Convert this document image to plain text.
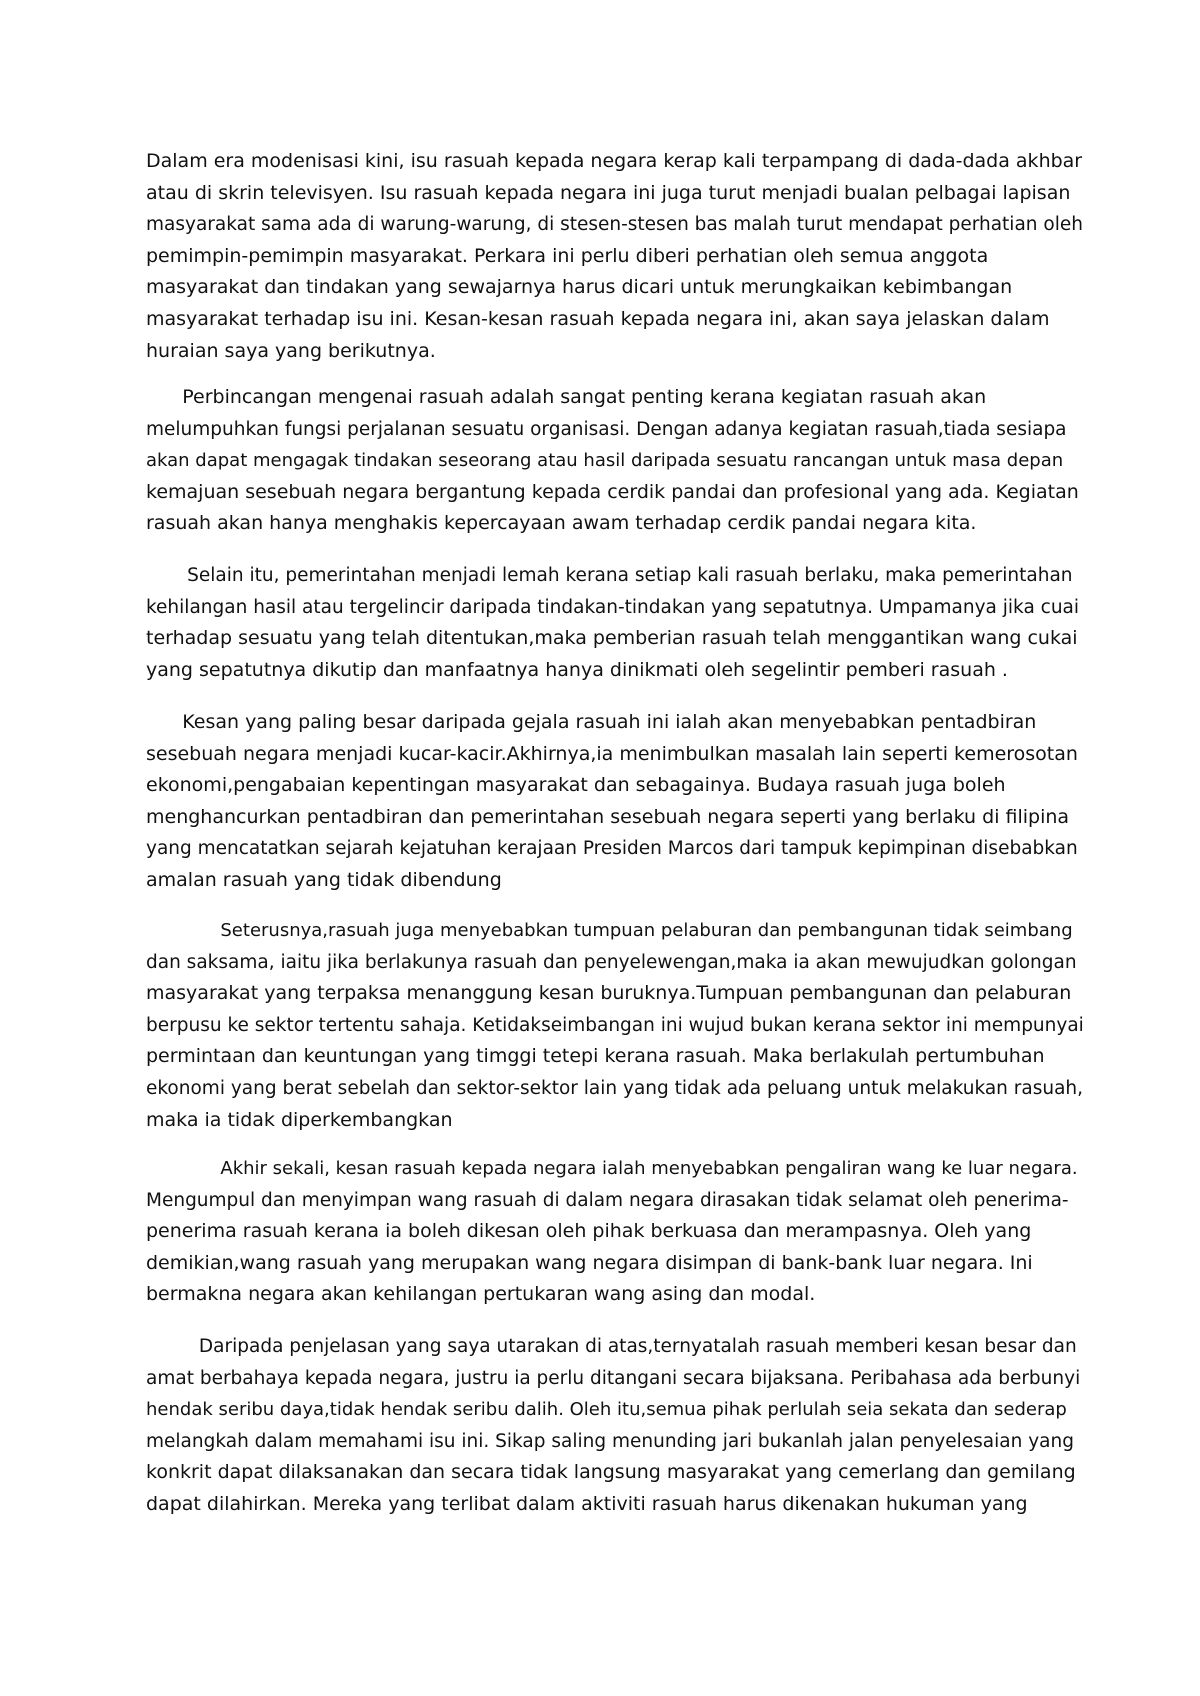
Dalam era modenisasi kini, isu rasuah kepada negara kerap kali terpampang di dada-dada akhbar
atau di skrin televisyen. Isu rasuah kepada negara ini juga turut menjadi bualan pelbagai lapisan
masyarakat sama ada di warung-warung, di stesen-stesen bas malah turut mendapat perhatian oleh
pemimpin-pemimpin masyarakat. Perkara ini perlu diberi perhatian oleh semua anggota
masyarakat dan tindakan yang sewajarnya harus dicari untuk merungkaikan kebimbangan
masyarakat terhadap isu ini. Kesan-kesan rasuah kepada negara ini, akan saya jelaskan dalam
huraian saya yang berikutnya.
Perbincangan mengenai rasuah adalah sangat penting kerana kegiatan rasuah akan
melumpuhkan fungsi perjalanan sesuatu organisasi. Dengan adanya kegiatan rasuah,tiada sesiapa
akan dapat mengagak tindakan seseorang atau hasil daripada sesuatu rancangan untuk masa depan
kemajuan sesebuah negara bergantung kepada cerdik pandai dan profesional yang ada. Kegiatan
rasuah akan hanya menghakis kepercayaan awam terhadap cerdik pandai negara kita.
Selain itu, pemerintahan menjadi lemah kerana setiap kali rasuah berlaku, maka pemerintahan
kehilangan hasil atau tergelincir daripada tindakan-tindakan yang sepatutnya. Umpamanya jika cuai
terhadap sesuatu yang telah ditentukan,maka pemberian rasuah telah menggantikan wang cukai
yang sepatutnya dikutip dan manfaatnya hanya dinikmati oleh segelintir pemberi rasuah .
Kesan yang paling besar daripada gejala rasuah ini ialah akan menyebabkan pentadbiran
sesebuah negara menjadi kucar-kacir.Akhirnya,ia menimbulkan masalah lain seperti kemerosotan
ekonomi,pengabaian kepentingan masyarakat dan sebagainya. Budaya rasuah juga boleh
menghancurkan pentadbiran dan pemerintahan sesebuah negara seperti yang berlaku di filipina
yang mencatatkan sejarah kejatuhan kerajaan Presiden Marcos dari tampuk kepimpinan disebabkan
amalan rasuah yang tidak dibendung
Seterusnya,rasuah juga menyebabkan tumpuan pelaburan dan pembangunan tidak seimbang
dan saksama, iaitu jika berlakunya rasuah dan penyelewengan,maka ia akan mewujudkan golongan
masyarakat yang terpaksa menanggung kesan buruknya.Tumpuan pembangunan dan pelaburan
berpusu ke sektor tertentu sahaja. Ketidakseimbangan ini wujud bukan kerana sektor ini mempunyai
permintaan dan keuntungan yang timggi tetepi kerana rasuah. Maka berlakulah pertumbuhan
ekonomi yang berat sebelah dan sektor-sektor lain yang tidak ada peluang untuk melakukan rasuah,
maka ia tidak diperkembangkan
Akhir sekali, kesan rasuah kepada negara ialah menyebabkan pengaliran wang ke luar negara.
Mengumpul dan menyimpan wang rasuah di dalam negara dirasakan tidak selamat oleh penerima-
penerima rasuah kerana ia boleh dikesan oleh pihak berkuasa dan merampasnya. Oleh yang
demikian,wang rasuah yang merupakan wang negara disimpan di bank-bank luar negara. Ini
bermakna negara akan kehilangan pertukaran wang asing dan modal.
Daripada penjelasan yang saya utarakan di atas,ternyatalah rasuah memberi kesan besar dan
amat berbahaya kepada negara, justru ia perlu ditangani secara bijaksana. Peribahasa ada berbunyi
hendak seribu daya,tidak hendak seribu dalih. Oleh itu,semua pihak perlulah seia sekata dan sederap
melangkah dalam memahami isu ini. Sikap saling menunding jari bukanlah jalan penyelesaian yang
konkrit dapat dilaksanakan dan secara tidak langsung masyarakat yang cemerlang dan gemilang
dapat dilahirkan. Mereka yang terlibat dalam aktiviti rasuah harus dikenakan hukuman yang
